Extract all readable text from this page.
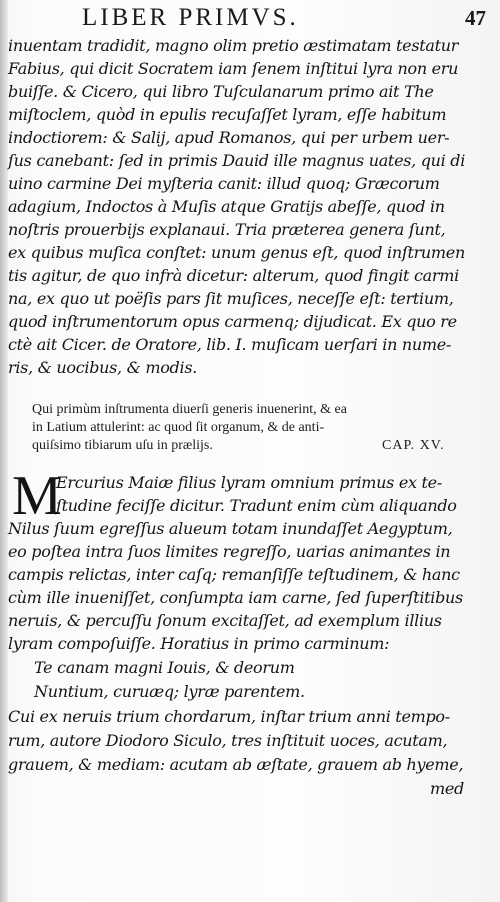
LIBER PRIMVS.	47
inuentam tradidit, magno olim pretio æstimatam testatur
Fabius, qui dicit Socratem iam ſenem inſtitui lyra non eru
buiſſe. & Cicero, qui libro Tuſculanarum primo ait The
miſtoclem, quòd in epulis recuſaſſet lyram, eſſe habitum
indoctiorem: & Salij, apud Romanos, qui per urbem uer-
ſus canebant: ſed in primis Dauid ille magnus uates, qui di
uino carmine Dei myſteria canit: illud quoq; Græcorum
adagium, Indoctos à Muſis atque Gratijs abeſſe, quod in
noſtris prouerbijs explanaui. Tria præterea genera ſunt,
ex quibus muſica conſtet: unum genus eſt, quod inſtrumen
tis agitur, de quo infrà dicetur: alterum, quod fingit carmi
na, ex quo ut poëſis pars ſit muſices, neceſſe eſt: tertium,
quod inſtrumentorum opus carmenq; dijudicat. Ex quo re
ctè ait Cicer. de Oratore, lib. I. muſicam uerſari in nume-
ris, & uocibus, & modis.
Qui primùm inſtrumenta diuerſi generis inuenerint, & ea
in Latium attulerint: ac quod ſit organum, & de anti-
quiſsimo tibiarum uſu in prælijs.	CAP. XV.
M
Ercurius Maiæ filius lyram omnium primus ex te-
ſtudine feciſſe dicitur. Tradunt enim cùm aliquando
Nilus ſuum egreſſus alueum totam inundaſſet Aegyptum,
eo poſtea intra ſuos limites regreſſo, uarias animantes in
campis relictas, inter caſq; remanſiſſe teſtudinem, & hanc
cùm ille inueniſſet, conſumpta iam carne, ſed ſuperſtitibus
neruis, & percuſſu ſonum excitaſſet, ad exemplum illius
lyram compoſuiſſe. Horatius in primo carminum:
Te canam magni Iouis, & deorum
Nuntium, curuæq; lyræ parentem.
Cui ex neruis trium chordarum, inſtar trium anni tempo-
rum, autore Diodoro Siculo, tres inſtituit uoces, acutam,
grauem, & mediam: acutam ab æſtate, grauem ab hyeme,
med
